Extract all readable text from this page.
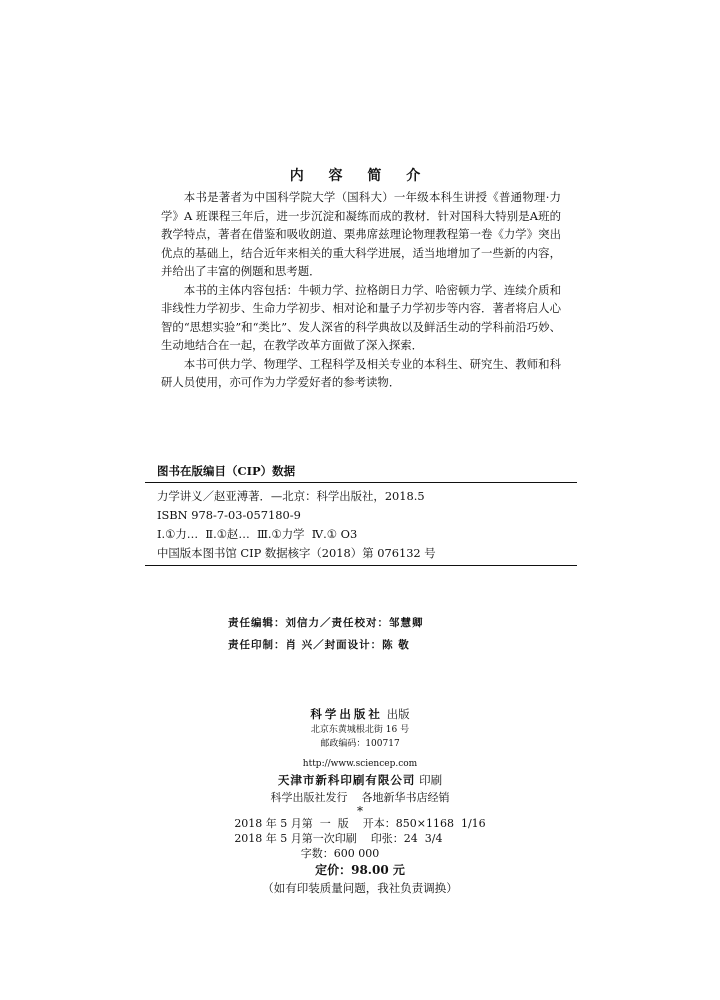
内 容 简 介

本书是著者为中国科学院大学（国科大）一年级本科生讲授《普通物理·力学》A 班课程三年后，进一步沉淀和凝练而成的教材．针对国科大特别是A班的教学特点，著者在借鉴和吸收朗道、栗弗席兹理论物理教程第一卷《力学》突出优点的基础上，结合近年来相关的重大科学进展，适当地增加了一些新的内容，并给出了丰富的例题和思考题．

本书的主体内容包括：牛顿力学、拉格朗日力学、哈密顿力学、连续介质和非线性力学初步、生命力学初步、相对论和量子力学初步等内容．著者将启人心智的“思想实验”和“类比”、发人深省的科学典故以及鲜活生动的学科前沿巧妙、生动地结合在一起，在教学改革方面做了深入探索．

本书可供力学、物理学、工程科学及相关专业的本科生、研究生、教师和科研人员使用，亦可作为力学爱好者的参考读物．

图书在版编目（CIP）数据
力学讲义／赵亚溥著．—北京：科学出版社，2018.5
ISBN 978-7-03-057180-9
Ⅰ.①力…  Ⅱ.①赵…  Ⅲ.①力学  Ⅳ.① O3
中国版本图书馆 CIP 数据核字（2018）第 076132 号
责任编辑：刘信力／责任校对：邹慧卿
责任印制：肖 兴／封面设计：陈 敬
科学出版社 出版
北京东黄城根北街 16 号
邮政编码：100717
http://www.sciencep.com
天津市新科印刷有限公司 印刷
科学出版社发行    各地新华书店经销
*
2018 年 5 月第  一  版    开本：850×1168  1/16
2018 年 5 月第一次印刷    印张：24  3/4
字数：600 000
定价：98.00 元
（如有印装质量问题，我社负责调换）
